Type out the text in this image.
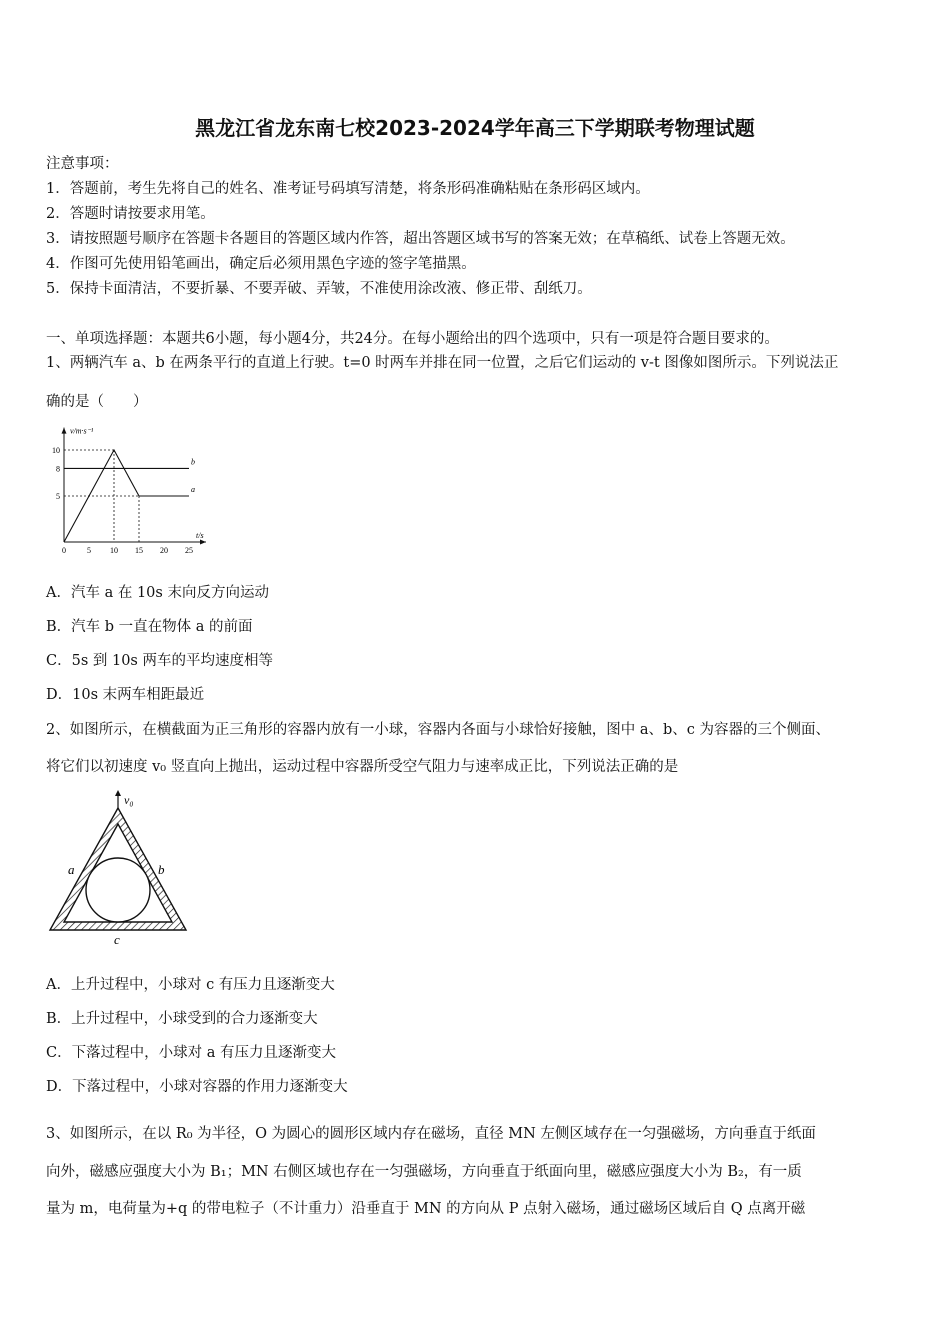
黑龙江省龙东南七校2023-2024学年高三下学期联考物理试题
注意事项：
1．答题前，考生先将自己的姓名、准考证号码填写清楚，将条形码准确粘贴在条形码区域内。
2．答题时请按要求用笔。
3．请按照题号顺序在答题卡各题目的答题区域内作答，超出答题区域书写的答案无效；在草稿纸、试卷上答题无效。
4．作图可先使用铅笔画出，确定后必须用黑色字迹的签字笔描黑。
5．保持卡面清洁，不要折暴、不要弄破、弄皱，不准使用涂改液、修正带、刮纸刀。
一、单项选择题：本题共6小题，每小题4分，共24分。在每小题给出的四个选项中，只有一项是符合题目要求的。
1、两辆汽车 a、b 在两条平行的直道上行驶。t=0 时两车并排在同一位置，之后它们运动的 v-t 图像如图所示。下列说法正
确的是（　　）
v/m·s⁻¹
t/s
0	5 10 15 20 25
5
8
10
b
a
A．汽车 a 在 10s 末向反方向运动
B．汽车 b 一直在物体 a 的前面
C．5s 到 10s 两车的平均速度相等
D．10s 末两车相距最近
2、如图所示，在横截面为正三角形的容器内放有一小球，容器内各面与小球恰好接触，图中 a、b、c 为容器的三个侧面、
将它们以初速度 v₀ 竖直向上抛出，运动过程中容器所受空气阻力与速率成正比，下列说法正确的是
v₀
a	b
c
A．上升过程中，小球对 c 有压力且逐渐变大
B．上升过程中，小球受到的合力逐渐变大
C．下落过程中，小球对 a 有压力且逐渐变大
D．下落过程中，小球对容器的作用力逐渐变大
3、如图所示，在以 R₀ 为半径，O 为圆心的圆形区域内存在磁场，直径 MN 左侧区域存在一匀强磁场，方向垂直于纸面
向外，磁感应强度大小为 B₁；MN 右侧区域也存在一匀强磁场，方向垂直于纸面向里，磁感应强度大小为 B₂，有一质
量为 m，电荷量为+q 的带电粒子（不计重力）沿垂直于 MN 的方向从 P 点射入磁场，通过磁场区域后自 Q 点离开磁
